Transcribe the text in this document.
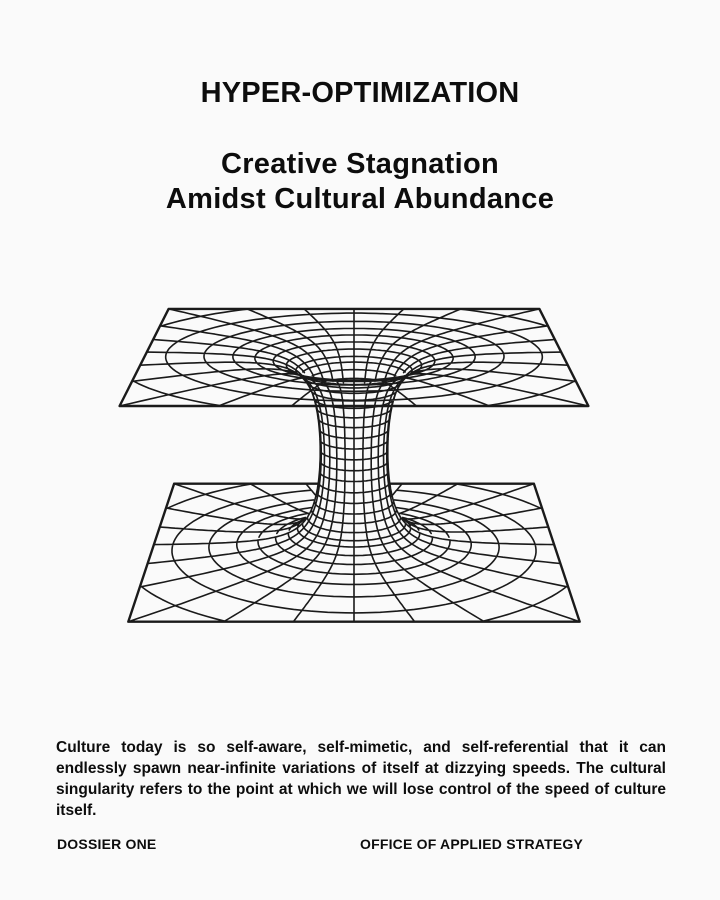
HYPER-OPTIMIZATION
Creative Stagnation
Amidst Cultural Abundance

Culture today is so self-aware, self-mimetic, and self-referential that it can endlessly spawn near-infinite variations of itself at dizzying speeds. The cultural singularity refers to the point at which we will lose control of the speed of culture itself.

DOSSIER ONE	OFFICE OF APPLIED STRATEGY
